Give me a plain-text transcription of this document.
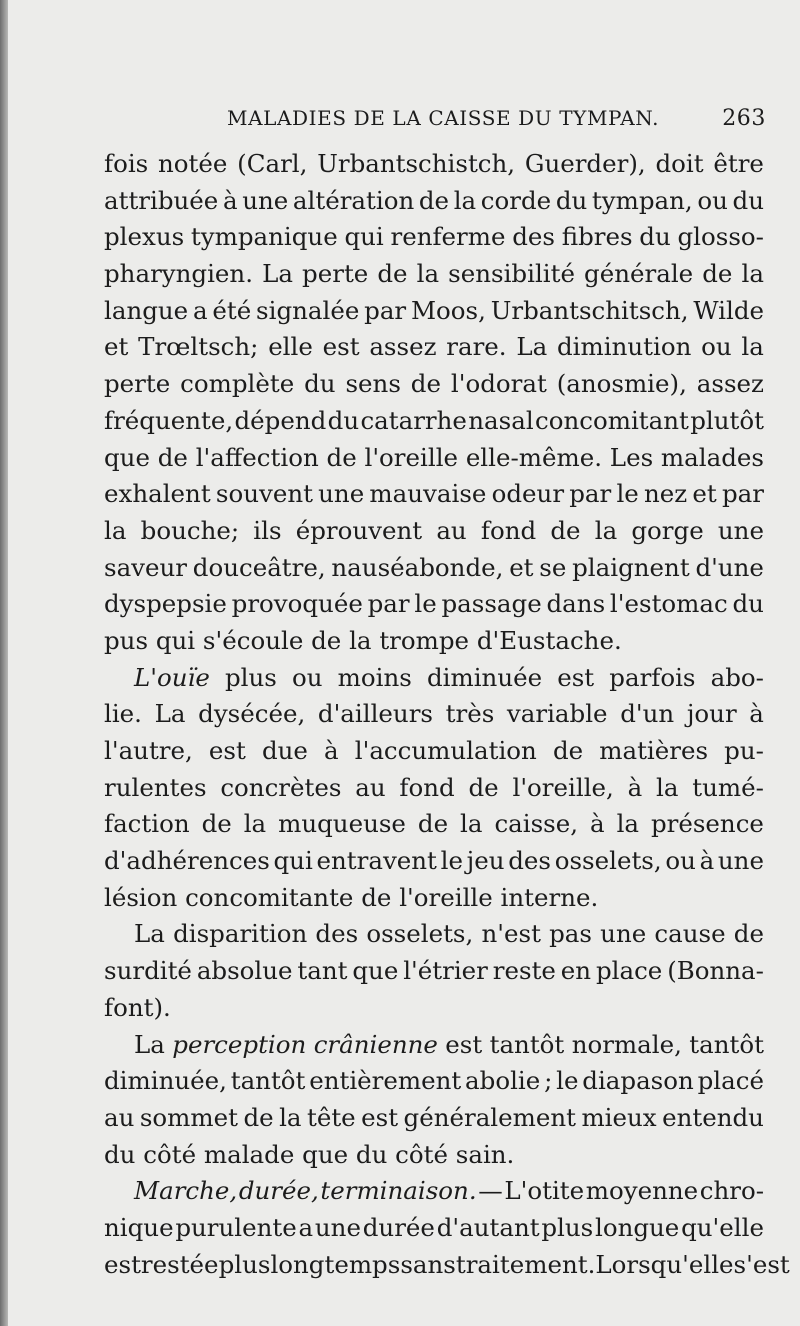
MALADIES DE LA CAISSE DU TYMPAN.	263
fois notée (Carl, Urbantschistch, Guerder), doit être
attribuée à une altération de la corde du tympan, ou du
plexus tympanique qui renferme des fibres du glosso-
pharyngien. La perte de la sensibilité générale de la
langue a été signalée par Moos, Urbantschitsch, Wilde
et Trœltsch; elle est assez rare. La diminution ou la
perte complète du sens de l'odorat (anosmie), assez
fréquente, dépend du catarrhe nasal concomitant plutôt
que de l'affection de l'oreille elle-même. Les malades
exhalent souvent une mauvaise odeur par le nez et par
la bouche; ils éprouvent au fond de la gorge une
saveur douceâtre, nauséabonde, et se plaignent d'une
dyspepsie provoquée par le passage dans l'estomac du
pus qui s'écoule de la trompe d'Eustache.
L'ouïe plus ou moins diminuée est parfois abo-
lie. La dysécée, d'ailleurs très variable d'un jour à
l'autre, est due à l'accumulation de matières pu-
rulentes concrètes au fond de l'oreille, à la tumé-
faction de la muqueuse de la caisse, à la présence
d'adhérences qui entravent le jeu des osselets, ou à une
lésion concomitante de l'oreille interne.
La disparition des osselets, n'est pas une cause de
surdité absolue tant que l'étrier reste en place (Bonna-
font).
La perception crânienne est tantôt normale, tantôt
diminuée, tantôt entièrement abolie ; le diapason placé
au sommet de la tête est généralement mieux entendu
du côté malade que du côté sain.
Marche, durée, terminaison. — L'otite moyenne chro-
nique purulente a une durée d'autant plus longue qu'elle
est restée plus longtemps sans traitement. Lorsqu'elle s'est
